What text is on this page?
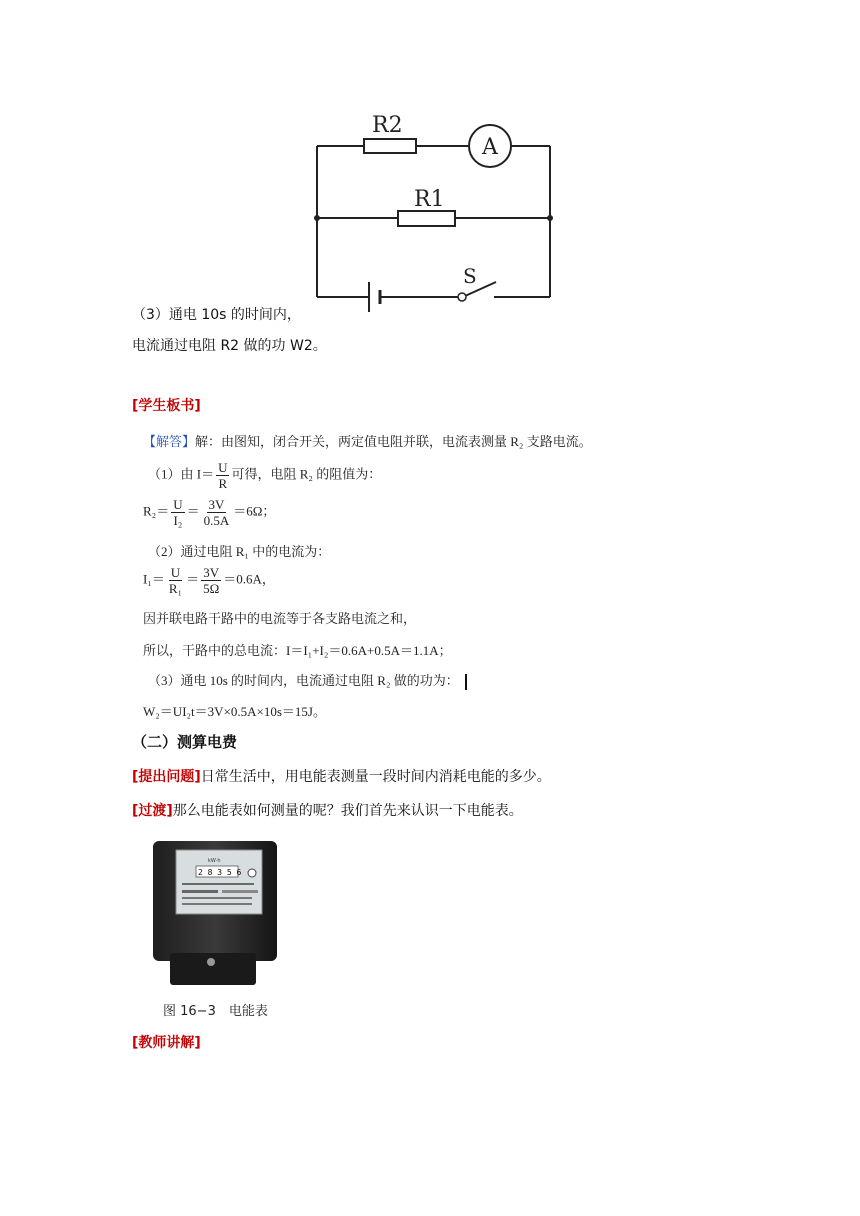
R2
A
R1
S
（3）通电 10s 的时间内，
电流通过电阻 R2 做的功 W2。
[学生板书]
【解答】解：由图知，闭合开关，两定值电阻并联，电流表测量 R₂ 支路电流。
（1）由 $I= \frac{U}{R}$ 可得，电阻 R₂ 的阻值为：
$R_2= \frac{U}{\text{I₂}} = \frac{3V}{0.5A} =6\Omega$；
（2）通过电阻 R₁ 中的电流为：
$I_1= \frac{U}{\text{R₁}} = \frac{3V}{5\Omega} =0.6A$，
因并联电路干路中的电流等于各支路电流之和，
所以，干路中的总电流：I＝I₁+I₂＝0.6A+0.5A＝1.1A；
（3）通电 10s 的时间内，电流通过电阻 R₂ 做的功为：
W₂＝UI₂t＝3V×0.5A×10s＝15J。
（二）测算电费
[提出问题]日常生活中，用电能表测量一段时间内消耗电能的多少。
[过渡]那么电能表如何测量的呢？我们首先来认识一下电能表。
kW·h
2 8 3 5 6
图 16−3　电能表
[教师讲解]
